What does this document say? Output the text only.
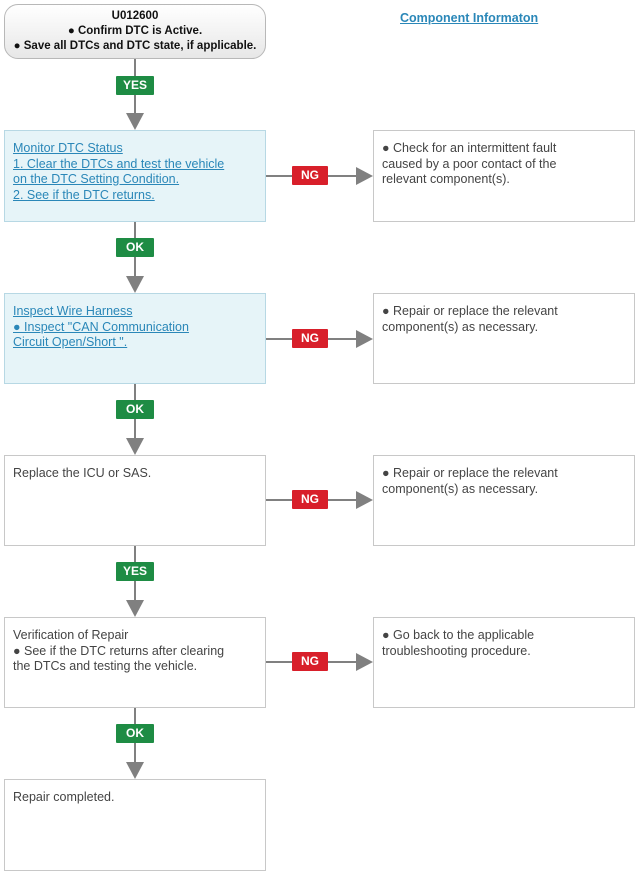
U012600
● Confirm DTC is Active.
● Save all DTCs and DTC state, if applicable.
Component Informaton
YES
Monitor DTC Status
1. Clear the DTCs and test the vehicle
on the DTC Setting Condition.
2. See if the DTC returns.
NG
● Check for an intermittent fault
caused by a poor contact of the
relevant component(s).
OK
Inspect Wire Harness
● Inspect "CAN Communication
Circuit Open/Short ".	NG
● Repair or replace the relevant
component(s) as necessary.
OK
Replace the ICU or SAS.
NG
● Repair or replace the relevant
component(s) as necessary.
YES
Verification of Repair
● See if the DTC returns after clearing
the DTCs and testing the vehicle.	NG
● Go back to the applicable
troubleshooting procedure.
OK
Repair completed.
